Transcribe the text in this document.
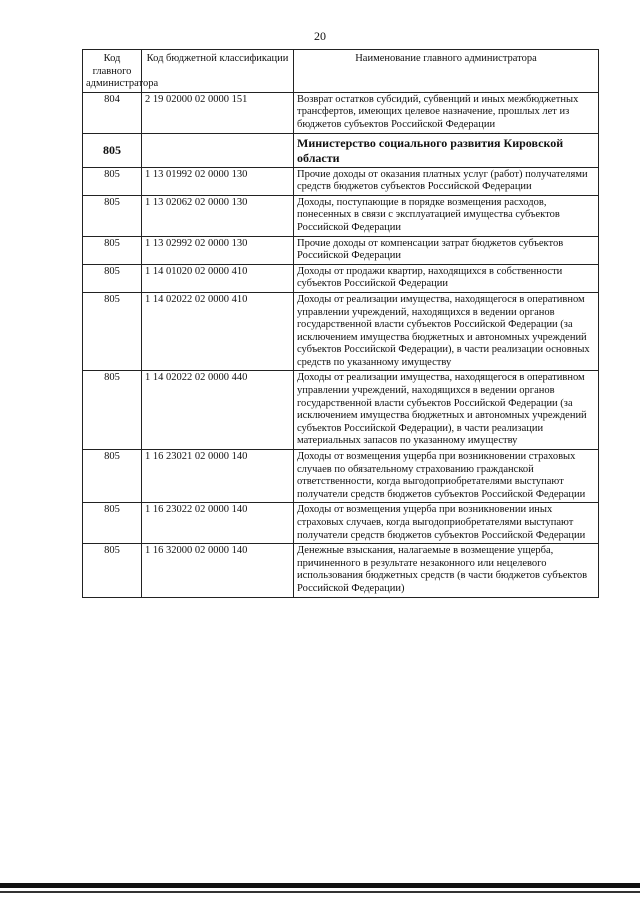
20
Код главного администратора	Код бюджетной классификации	Наименование главного администратора
804	2 19 02000 02 0000 151	Возврат остатков субсидий, субвенций и иных межбюджетных трансфертов, имеющих целевое назначение, прошлых лет из бюджетов субъектов Российской Федерации
805		Министерство социального развития Кировской области
805	1 13 01992 02 0000 130	Прочие доходы от оказания платных услуг (работ) получателями средств бюджетов субъектов Российской Федерации
805	1 13 02062 02 0000 130	Доходы, поступающие в порядке возмещения расходов, понесенных в связи с эксплуатацией имущества субъектов Российской Федерации
805	1 13 02992 02 0000 130	Прочие доходы от компенсации затрат бюджетов субъектов Российской Федерации
805	1 14 01020 02 0000 410	Доходы от продажи квартир, находящихся в собственности субъектов Российской Федерации
805	1 14 02022 02 0000 410	Доходы от реализации имущества, находящегося в оперативном управлении учреждений, находящихся в ведении органов государственной власти субъектов Российской Федерации (за исключением имущества бюджетных и автономных учреждений субъектов Российской Федерации), в части реализации основных средств по указанному имуществу
805	1 14 02022 02 0000 440	Доходы от реализации имущества, находящегося в оперативном управлении учреждений, находящихся в ведении органов государственной власти субъектов Российской Федерации (за исключением имущества бюджетных и автономных учреждений субъектов Российской Федерации), в части реализации материальных запасов по указанному имуществу
805	1 16 23021 02 0000 140	Доходы от возмещения ущерба при возникновении страховых случаев по обязательному страхованию гражданской ответственности, когда выгодоприобретателями выступают получатели средств бюджетов субъектов Российской Федерации
805	1 16 23022 02 0000 140	Доходы от возмещения ущерба при возникновении иных страховых случаев, когда выгодоприобретателями выступают получатели средств бюджетов субъектов Российской Федерации
805	1 16 32000 02 0000 140	Денежные взыскания, налагаемые в возмещение ущерба, причиненного в результате незаконного или нецелевого использования бюджетных средств (в части бюджетов субъектов Российской Федерации)
